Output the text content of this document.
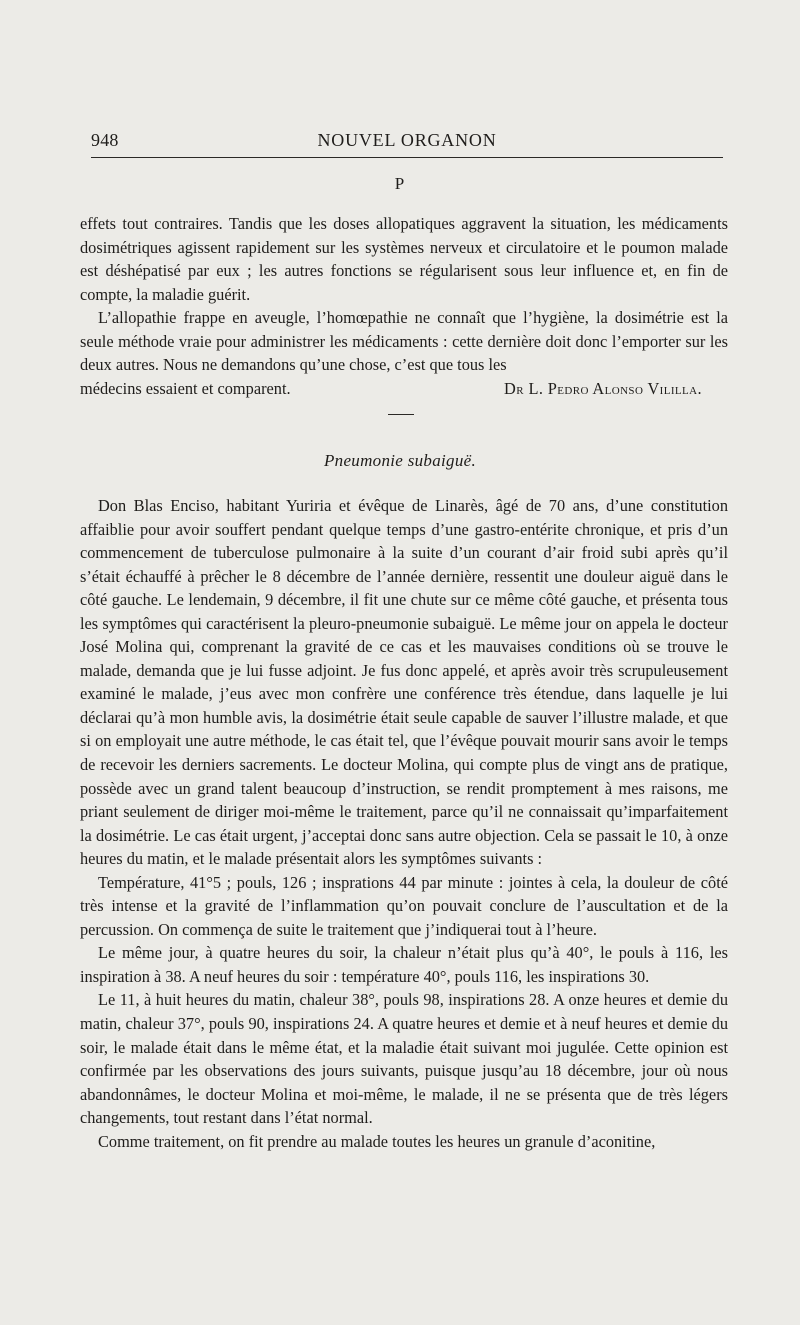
948	NOUVEL ORGANON
P

effets tout contraires. Tandis que les doses allopatiques aggravent la situation, les médicaments dosimétriques agissent rapidement sur les systèmes nerveux et circulatoire et le poumon malade est déshépatisé par eux ; les autres fonctions se régularisent sous leur influence et, en fin de compte, la maladie guérit.

L’allopathie frappe en aveugle, l’homœpathie ne connaît que l’hygiène, la dosimétrie est la seule méthode vraie pour administrer les médicaments : cette dernière doit donc l’emporter sur les deux autres. Nous ne demandons qu’une chose, c’est que tous les

médecins essaient et comparent.	Dr L. Pedro Alonso Vililla.
Pneumonie subaiguë.

Don Blas Enciso, habitant Yuriria et évêque de Linarès, âgé de 70 ans, d’une constitution affaiblie pour avoir souffert pendant quelque temps d’une gastro-entérite chronique, et pris d’un commencement de tuberculose pulmonaire à la suite d’un courant d’air froid subi après qu’il s’était échauffé à prêcher le 8 décembre de l’année dernière, ressentit une douleur aiguë dans le côté gauche. Le lendemain, 9 décembre, il fit une chute sur ce même côté gauche, et présenta tous les symptômes qui caractérisent la pleuro-pneumonie subaiguë. Le même jour on appela le docteur José Molina qui, comprenant la gravité de ce cas et les mauvaises conditions où se trouve le malade, demanda que je lui fusse adjoint. Je fus donc appelé, et après avoir très scrupuleusement examiné le malade, j’eus avec mon confrère une conférence très étendue, dans laquelle je lui déclarai qu’à mon humble avis, la dosimétrie était seule capable de sauver l’illustre malade, et que si on employait une autre méthode, le cas était tel, que l’évêque pouvait mourir sans avoir le temps de recevoir les derniers sacrements. Le docteur Molina, qui compte plus de vingt ans de pratique, possède avec un grand talent beaucoup d’instruction, se rendit promptement à mes raisons, me priant seulement de diriger moi-même le traitement, parce qu’il ne connaissait qu’imparfaitement la dosimétrie. Le cas était urgent, j’acceptai donc sans autre objection. Cela se passait le 10, à onze heures du matin, et le malade présentait alors les symptômes suivants :

Température, 41°5 ; pouls, 126 ; insprations 44 par minute : jointes à cela, la douleur de côté très intense et la gravité de l’inflammation qu’on pouvait conclure de l’auscultation et de la percussion. On commença de suite le traitement que j’indiquerai tout à l’heure.

Le même jour, à quatre heures du soir, la chaleur n’était plus qu’à 40°, le pouls à 116, les inspiration à 38. A neuf heures du soir : température 40°, pouls 116, les inspirations 30.

Le 11, à huit heures du matin, chaleur 38°, pouls 98, inspirations 28. A onze heures et demie du matin, chaleur 37°, pouls 90, inspirations 24. A quatre heures et demie et à neuf heures et demie du soir, le malade était dans le même état, et la maladie était suivant moi jugulée. Cette opinion est confirmée par les observations des jours suivants, puisque jusqu’au 18 décembre, jour où nous abandonnâmes, le docteur Molina et moi-même, le malade, il ne se présenta que de très légers changements, tout restant dans l’état normal.

Comme traitement, on fit prendre au malade toutes les heures un granule d’aconitine,
